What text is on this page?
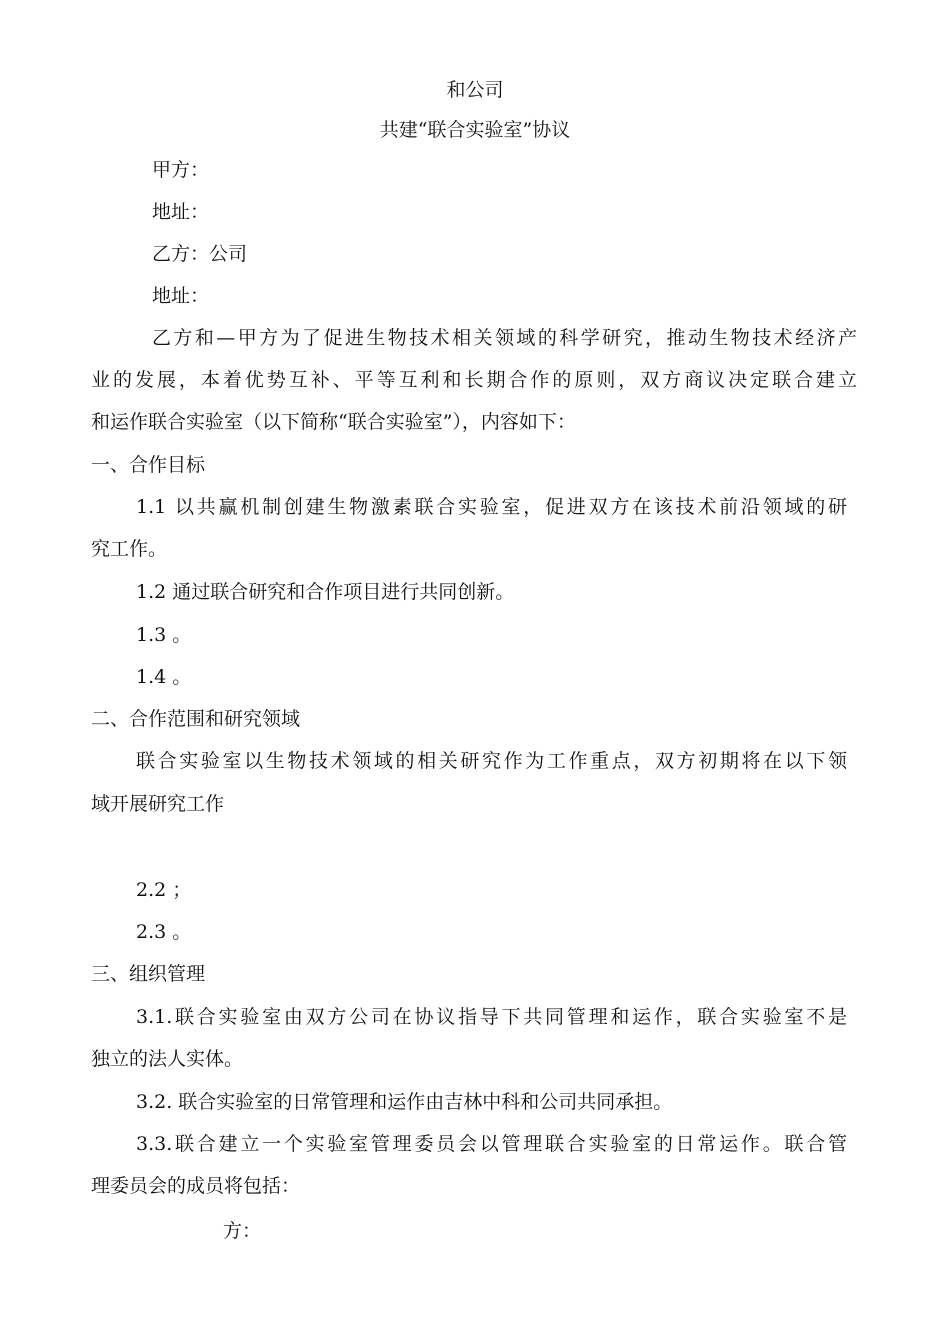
和公司
共建“联合实验室”协议
甲方：
地址：
乙方：公司
地址：
乙方和—甲方为了促进生物技术相关领域的科学研究，推动生物技术经济产
业的发展，本着优势互补、平等互利和长期合作的原则，双方商议决定联合建立
和运作联合实验室（以下简称“联合实验室”），内容如下：
一、合作目标
1.1 以共赢机制创建生物激素联合实验室，促进双方在该技术前沿领域的研
究工作。
1.2 通过联合研究和合作项目进行共同创新。
1.3 。
1.4 。
二、合作范围和研究领域
联合实验室以生物技术领域的相关研究作为工作重点，双方初期将在以下领
域开展研究工作
2.2 ；
2.3 。
三、组织管理
3.1.联合实验室由双方公司在协议指导下共同管理和运作，联合实验室不是
独立的法人实体。
3.2. 联合实验室的日常管理和运作由吉林中科和公司共同承担。
3.3.联合建立一个实验室管理委员会以管理联合实验室的日常运作。联合管
理委员会的成员将包括：
方：
